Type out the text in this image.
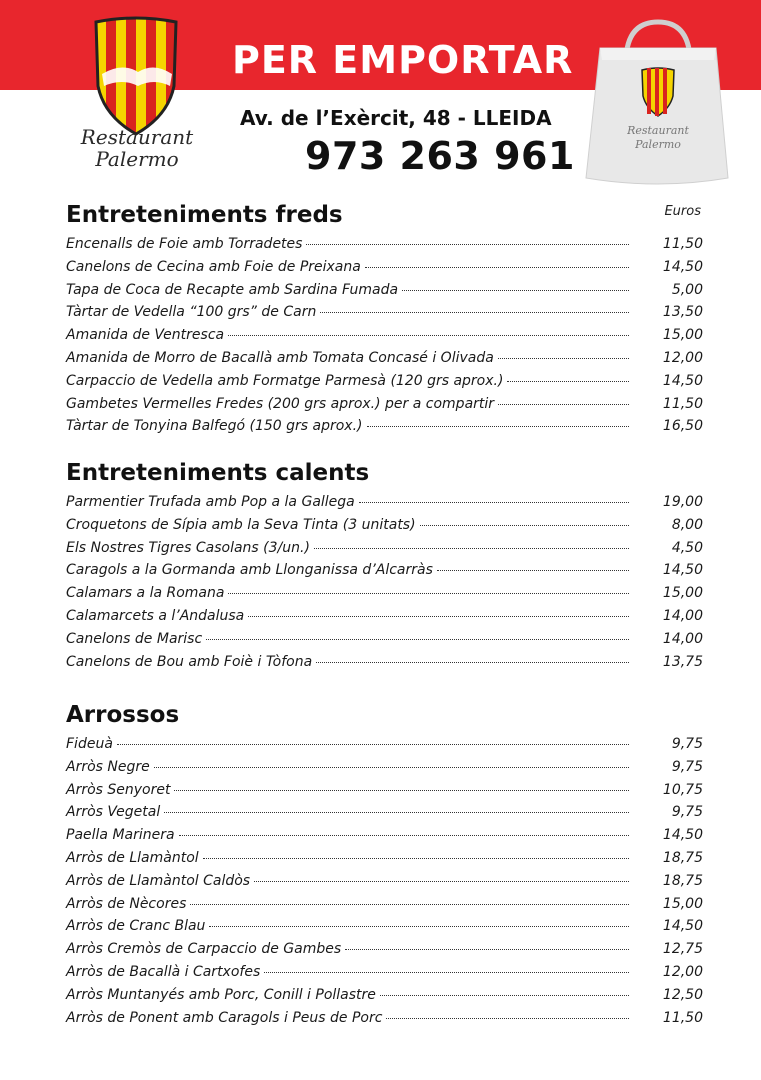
Restaurant
Palermo
PER EMPORTAR
Av. de l’Exèrcit, 48 - LLEIDA
973 263 961
Restaurant
Palermo
Entreteniments freds	Euros
Encenalls de Foie amb Torradetes	11,50
Canelons de Cecina amb Foie de Preixana	14,50
Tapa de Coca de Recapte amb Sardina Fumada	5,00
Tàrtar de Vedella “100 grs” de Carn	13,50
Amanida de Ventresca	15,00
Amanida de Morro de Bacallà amb Tomata Concasé i Olivada	12,00
Carpaccio de Vedella amb Formatge Parmesà (120 grs aprox.)	14,50
Gambetes Vermelles Fredes (200 grs aprox.) per a compartir	11,50
Tàrtar de Tonyina Balfegó (150 grs aprox.)	16,50
Entreteniments calents
Parmentier Trufada amb Pop a la Gallega	19,00
Croquetons de Sípia amb la Seva Tinta (3 unitats)	8,00
Els Nostres Tigres Casolans (3/un.)	4,50
Caragols a la Gormanda amb Llonganissa d’Alcarràs	14,50
Calamars a la Romana	15,00
Calamarcets a l’Andalusa	14,00
Canelons de Marisc	14,00
Canelons de Bou amb Foiè i Tòfona	13,75
Arrossos
Fideuà	9,75
Arròs Negre	9,75
Arròs Senyoret	10,75
Arròs Vegetal	9,75
Paella Marinera	14,50
Arròs de Llamàntol	18,75
Arròs de Llamàntol Caldòs	18,75
Arròs de Nècores	15,00
Arròs de Cranc Blau	14,50
Arròs Cremòs de Carpaccio de Gambes	12,75
Arròs de Bacallà i Cartxofes	12,00
Arròs Muntanyés amb Porc, Conill i Pollastre	12,50
Arròs de Ponent amb Caragols i Peus de Porc	11,50
